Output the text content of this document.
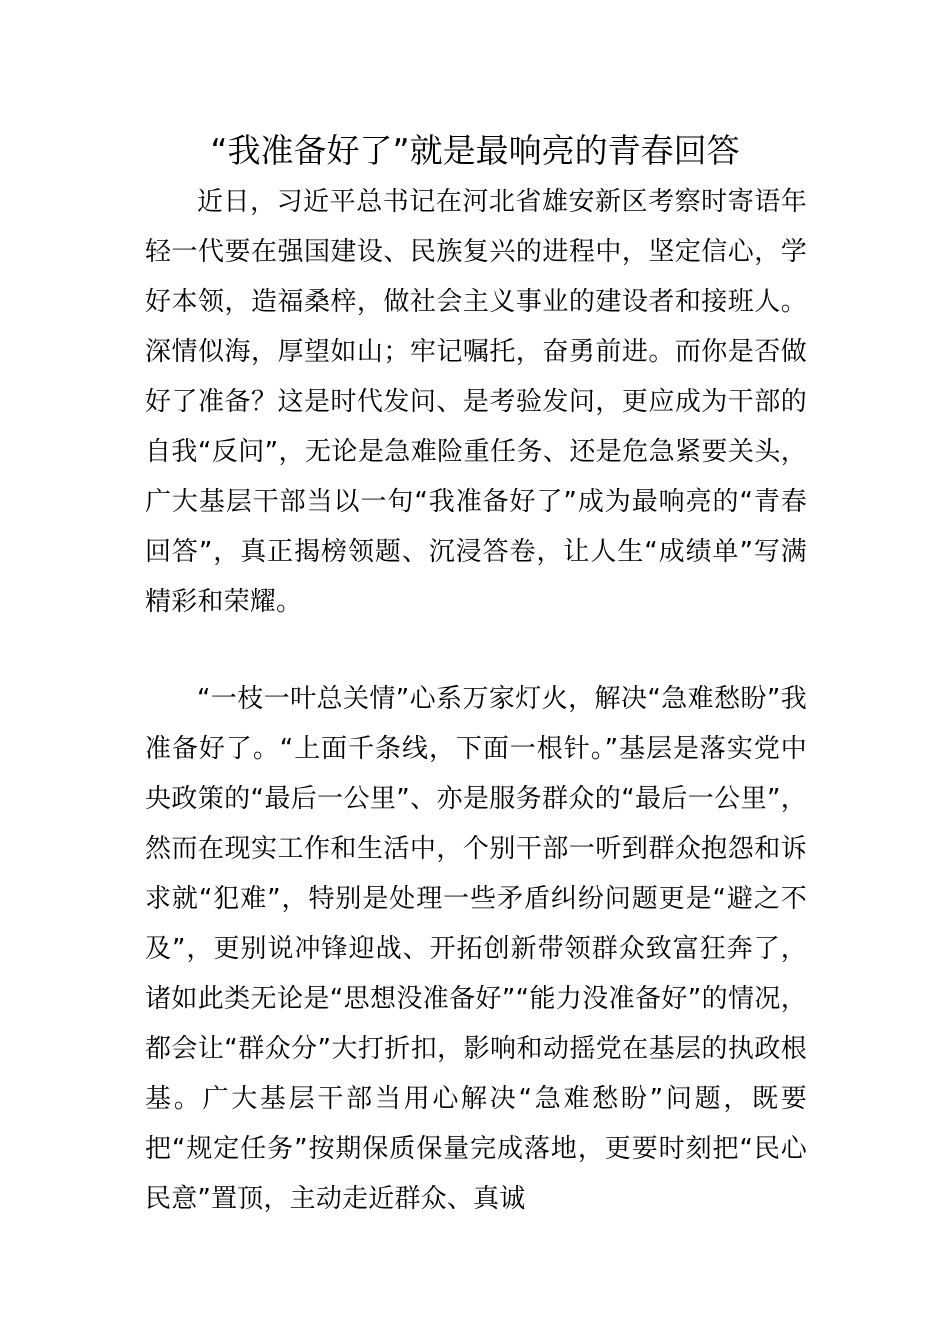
“我准备好了”就是最响亮的青春回答

近日，习近平总书记在河北省雄安新区考察时寄语年轻一代要在强国建设、民族复兴的进程中，坚定信心，学好本领，造福桑梓，做社会主义事业的建设者和接班人。深情似海，厚望如山；牢记嘱托，奋勇前进。而你是否做好了准备？这是时代发问、是考验发问，更应成为干部的自我“反问”，无论是急难险重任务、还是危急紧要关头，广大基层干部当以一句“我准备好了”成为最响亮的“青春回答”，真正揭榜领题、沉浸答卷，让人生“成绩单”写满精彩和荣耀。

“一枝一叶总关情”心系万家灯火，解决“急难愁盼”我准备好了。“上面千条线，下面一根针。”基层是落实党中央政策的“最后一公里”、亦是服务群众的“最后一公里”，然而在现实工作和生活中，个别干部一听到群众抱怨和诉求就“犯难”，特别是处理一些矛盾纠纷问题更是“避之不及”，更别说冲锋迎战、开拓创新带领群众致富狂奔了，诸如此类无论是“思想没准备好”“能力没准备好”的情况，都会让“群众分”大打折扣，影响和动摇党在基层的执政根基。广大基层干部当用心解决“急难愁盼”问题，既要把“规定任务”按期保质保量完成落地，更要时刻把“民心民意”置顶，主动走近群众、真诚
